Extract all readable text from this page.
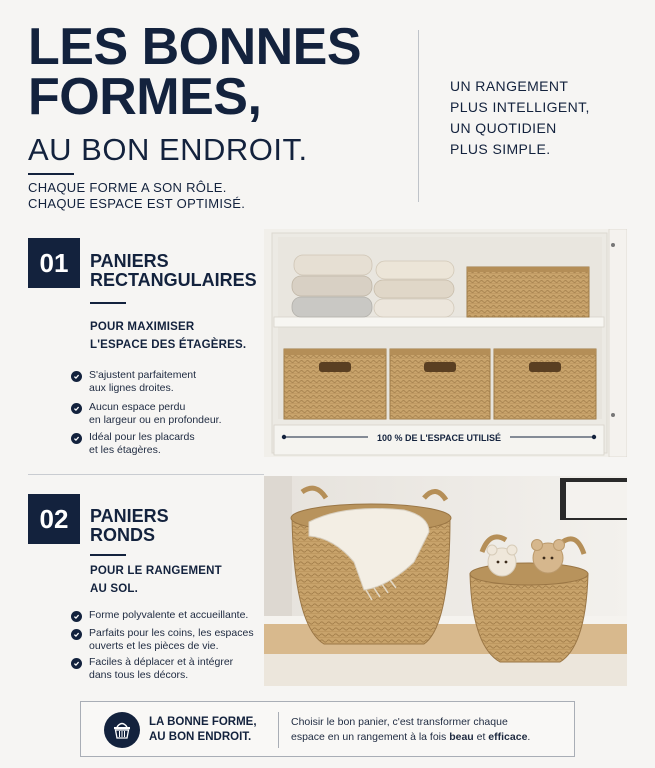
LES BONNES
FORMES,
AU BON ENDROIT.
CHAQUE FORME A SON RÔLE.
CHAQUE ESPACE EST OPTIMISÉ.
UN RANGEMENT
PLUS INTELLIGENT,
UN QUOTIDIEN
PLUS SIMPLE.
01	PANIERS
RECTANGULAIRES
POUR MAXIMISER
L'ESPACE DES ÉTAGÈRES.
S'ajustent parfaitement
aux lignes droites.
Aucun espace perdu
en largeur ou en profondeur.
Idéal pour les placards
et les étagères.
100 % DE L'ESPACE UTILISÉ
02	PANIERS
RONDS
POUR LE RANGEMENT
AU SOL.
Forme polyvalente et accueillante.
Parfaits pour les coins, les espaces
ouverts et les pièces de vie.
Faciles à déplacer et à intégrer
dans tous les décors.
LA BONNE FORME,
AU BON ENDROIT.
Choisir le bon panier, c'est transformer chaque
espace en un rangement à la fois beau et efficace.
